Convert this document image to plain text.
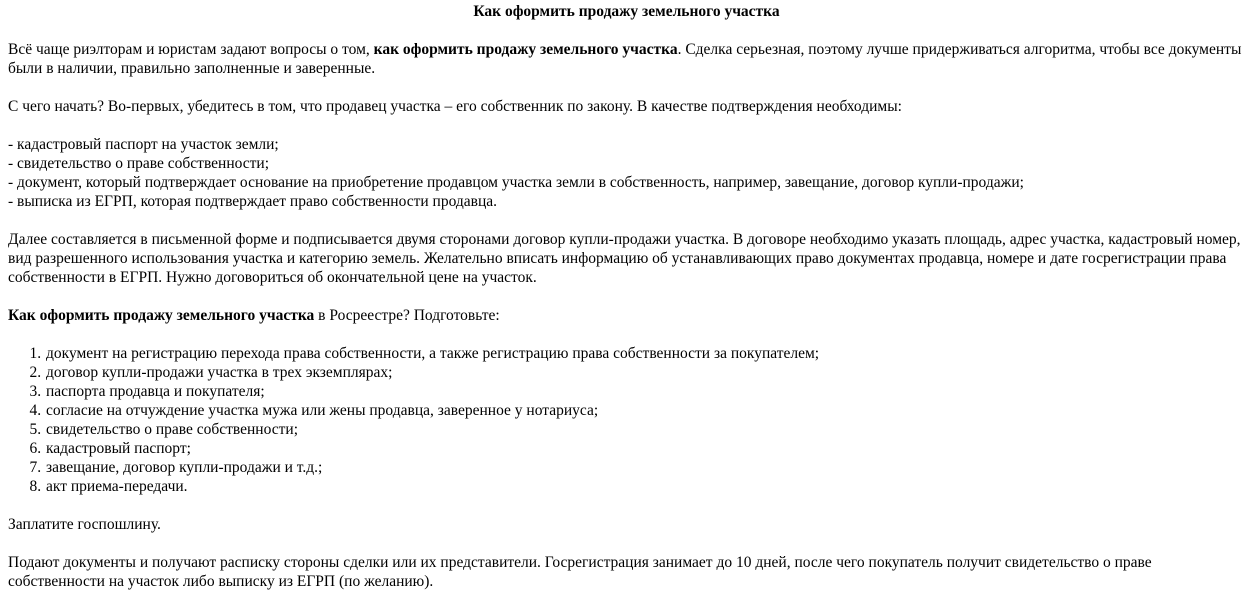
Как оформить продажу земельного участка

Всё чаще риэлторам и юристам задают вопросы о том, как оформить продажу земельного участка. Сделка серьезная, поэтому лучше придерживаться алгоритма, чтобы все документы были в наличии, правильно заполненные и заверенные.

С чего начать? Во-первых, убедитесь в том, что продавец участка – его собственник по закону. В качестве подтверждения необходимы:

- кадастровый паспорт на участок земли;
- свидетельство о праве собственности;
- документ, который подтверждает основание на приобретение продавцом участка земли в собственность, например, завещание, договор купли-продажи;
- выписка из ЕГРП, которая подтверждает право собственности продавца.

Далее составляется в письменной форме и подписывается двумя сторонами договор купли-продажи участка. В договоре необходимо указать площадь, адрес участка, кадастровый номер, вид разрешенного использования участка и категорию земель. Желательно вписать информацию об устанавливающих право документах продавца, номере и дате госрегистрации права собственности в ЕГРП. Нужно договориться об окончательной цене на участок.

Как оформить продажу земельного участка в Росреестре? Подготовьте:

1. документ на регистрацию перехода права собственности, а также регистрацию права собственности за покупателем;
2. договор купли-продажи участка в трех экземплярах;
3. паспорта продавца и покупателя;
4. согласие на отчуждение участка мужа или жены продавца, заверенное у нотариуса;
5. свидетельство о праве собственности;
6. кадастровый паспорт;
7. завещание, договор купли-продажи и т.д.;
8. акт приема-передачи.

Заплатите госпошлину.

Подают документы и получают расписку стороны сделки или их представители. Госрегистрация занимает до 10 дней, после чего покупатель получит свидетельство о праве собственности на участок либо выписку из ЕГРП (по желанию).
